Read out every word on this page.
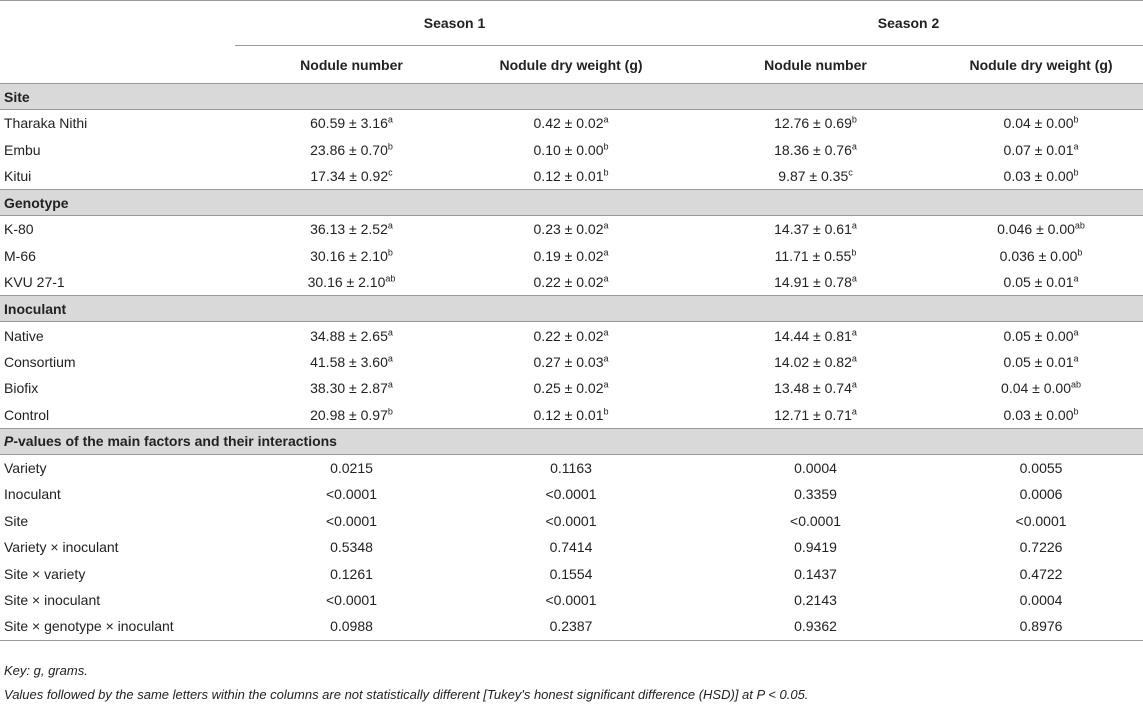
	Season 1		Season 2	
	Nodule number	Nodule dry weight (g)	Nodule number	Nodule dry weight (g)
Site				
Tharaka Nithi	60.59 ± 3.16$^a$	0.42 ± 0.02$^a$	12.76 ± 0.69$^b$	0.04 ± 0.00$^b$
Embu	23.86 ± 0.70$^b$	0.10 ± 0.00$^b$	18.36 ± 0.76$^a$	0.07 ± 0.01$^a$
Kitui	17.34 ± 0.92$^c$	0.12 ± 0.01$^b$	9.87 ± 0.35$^c$	0.03 ± 0.00$^b$
Genotype				
K-80	36.13 ± 2.52$^a$	0.23 ± 0.02$^a$	14.37 ± 0.61$^a$	0.046 ± 0.00$^{ab}$
M-66	30.16 ± 2.10$^b$	0.19 ± 0.02$^a$	11.71 ± 0.55$^b$	0.036 ± 0.00$^b$
KVU 27-1	30.16 ± 2.10$^{ab}$	0.22 ± 0.02$^a$	14.91 ± 0.78$^a$	0.05 ± 0.01$^a$
Inoculant				
Native	34.88 ± 2.65$^a$	0.22 ± 0.02$^a$	14.44 ± 0.81$^a$	0.05 ± 0.00$^a$
Consortium	41.58 ± 3.60$^a$	0.27 ± 0.03$^a$	14.02 ± 0.82$^a$	0.05 ± 0.01$^a$
Biofix	38.30 ± 2.87$^a$	0.25 ± 0.02$^a$	13.48 ± 0.74$^a$	0.04 ± 0.00$^{ab}$
Control	20.98 ± 0.97$^b$	0.12 ± 0.01$^b$	12.71 ± 0.71$^a$	0.03 ± 0.00$^b$
P-values of the main factors and their interactions				
Variety	0.0215	0.1163	0.0004	0.0055
Inoculant	<0.0001	<0.0001	0.3359	0.0006
Site	<0.0001	<0.0001	<0.0001	<0.0001
Variety × inoculant	0.5348	0.7414	0.9419	0.7226
Site × variety	0.1261	0.1554	0.1437	0.4722
Site × inoculant	<0.0001	<0.0001	0.2143	0.0004
Site × genotype × inoculant	0.0988	0.2387	0.9362	0.8976
Key: g, grams.
Values followed by the same letters within the columns are not statistically different [Tukey's honest significant difference (HSD)] at P < 0.05.
